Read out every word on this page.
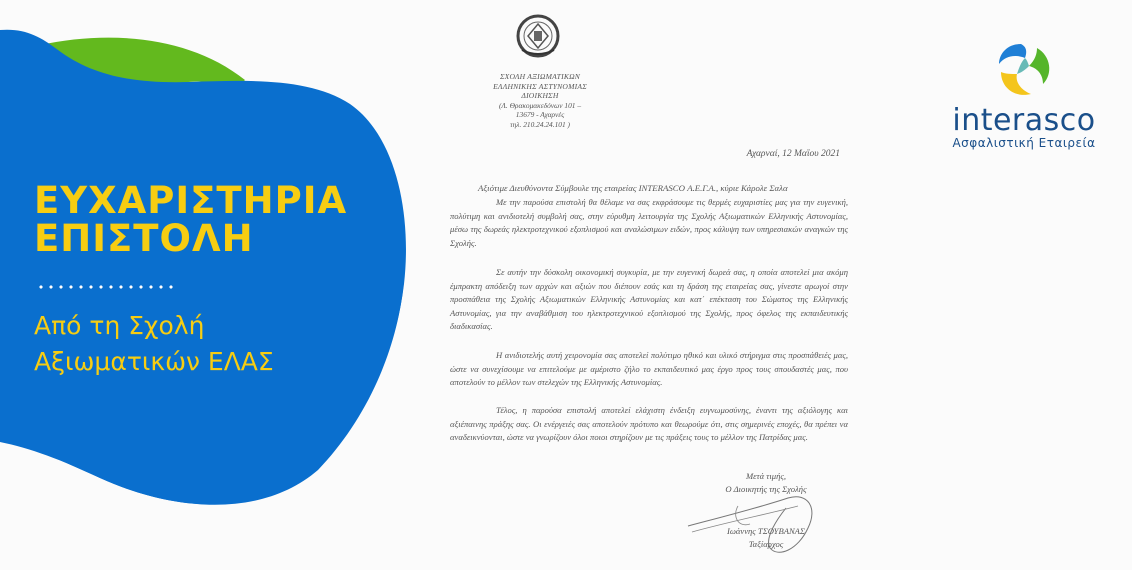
ΕΥΧΑΡΙΣΤΗΡΙΑ
ΕΠΙΣΤΟΛΗ
Από τη Σχολή
Αξιωματικών ΕΛΑΣ
interasco
Ασφαλιστική Εταιρεία
ΣΧΟΛΗ ΑΞΙΩΜΑΤΙΚΩΝ
ΕΛΛΗΝΙΚΗΣ ΑΣΤΥΝΟΜΙΑΣ
ΔΙΟΙΚΗΣΗ
(Λ. Θρακομακεδόνων 101 –
13679 - Αχαρνές
τηλ. 210.24.24.101 )
Αχαρναί, 12 Μαΐου 2021
Αξιότιμε Διευθύνοντα Σύμβουλε της εταιρείας INTERASCO Α.Ε.Γ.Α., κύριε Κάρολε Σαλα

Με την παρούσα επιστολή θα θέλαμε να σας εκφράσουμε τις θερμές ευχαριστίες μας για την ευγενική, πολύτιμη και ανιδιοτελή συμβολή σας, στην εύρυθμη λειτουργία της Σχολής Αξιωματικών Ελληνικής Αστυνομίας, μέσω της δωρεάς ηλεκτροτεχνικού εξοπλισμού και αναλώσιμων ειδών, προς κάλυψη των υπηρεσιακών αναγκών της Σχολής.

Σε αυτήν την δύσκολη οικονομική συγκυρία, με την ευγενική δωρεά σας, η οποία αποτελεί μια ακόμη έμπρακτη απόδειξη των αρχών και αξιών που διέπουν εσάς και τη δράση της εταιρείας σας, γίνεστε αρωγοί στην προσπάθεια της Σχολής Αξιωματικών Ελληνικής Αστυνομίας και κατ΄ επέκταση του Σώματος της Ελληνικής Αστυνομίας, για την αναβάθμιση του ηλεκτροτεχνικού εξοπλισμού της Σχολής, προς όφελος της εκπαιδευτικής διαδικασίας.

Η ανιδιοτελής αυτή χειρονομία σας αποτελεί πολύτιμο ηθικό και υλικό στήριγμα στις προσπάθειές μας, ώστε να συνεχίσουμε να επιτελούμε με αμέριστο ζήλο το εκπαιδευτικό μας έργο προς τους σπουδαστές μας, που αποτελούν το μέλλον των στελεχών της Ελληνικής Αστυνομίας.

Τέλος, η παρούσα επιστολή αποτελεί ελάχιστη ένδειξη ευγνωμοσύνης, έναντι της αξιόλογης και αξιέπαινης πράξης σας. Οι ενέργειές σας αποτελούν πρότυπο και θεωρούμε ότι, στις σημερινές εποχές, θα πρέπει να αναδεικνύονται, ώστε να γνωρίζουν όλοι ποιοι στηρίζουν με τις πράξεις τους το μέλλον της Πατρίδας μας.

Μετά τιμής,
Ο Διοικητής της Σχολής
Ιωάννης ΤΣΟΥΒΑΝΑΣ
Ταξίαρχος
